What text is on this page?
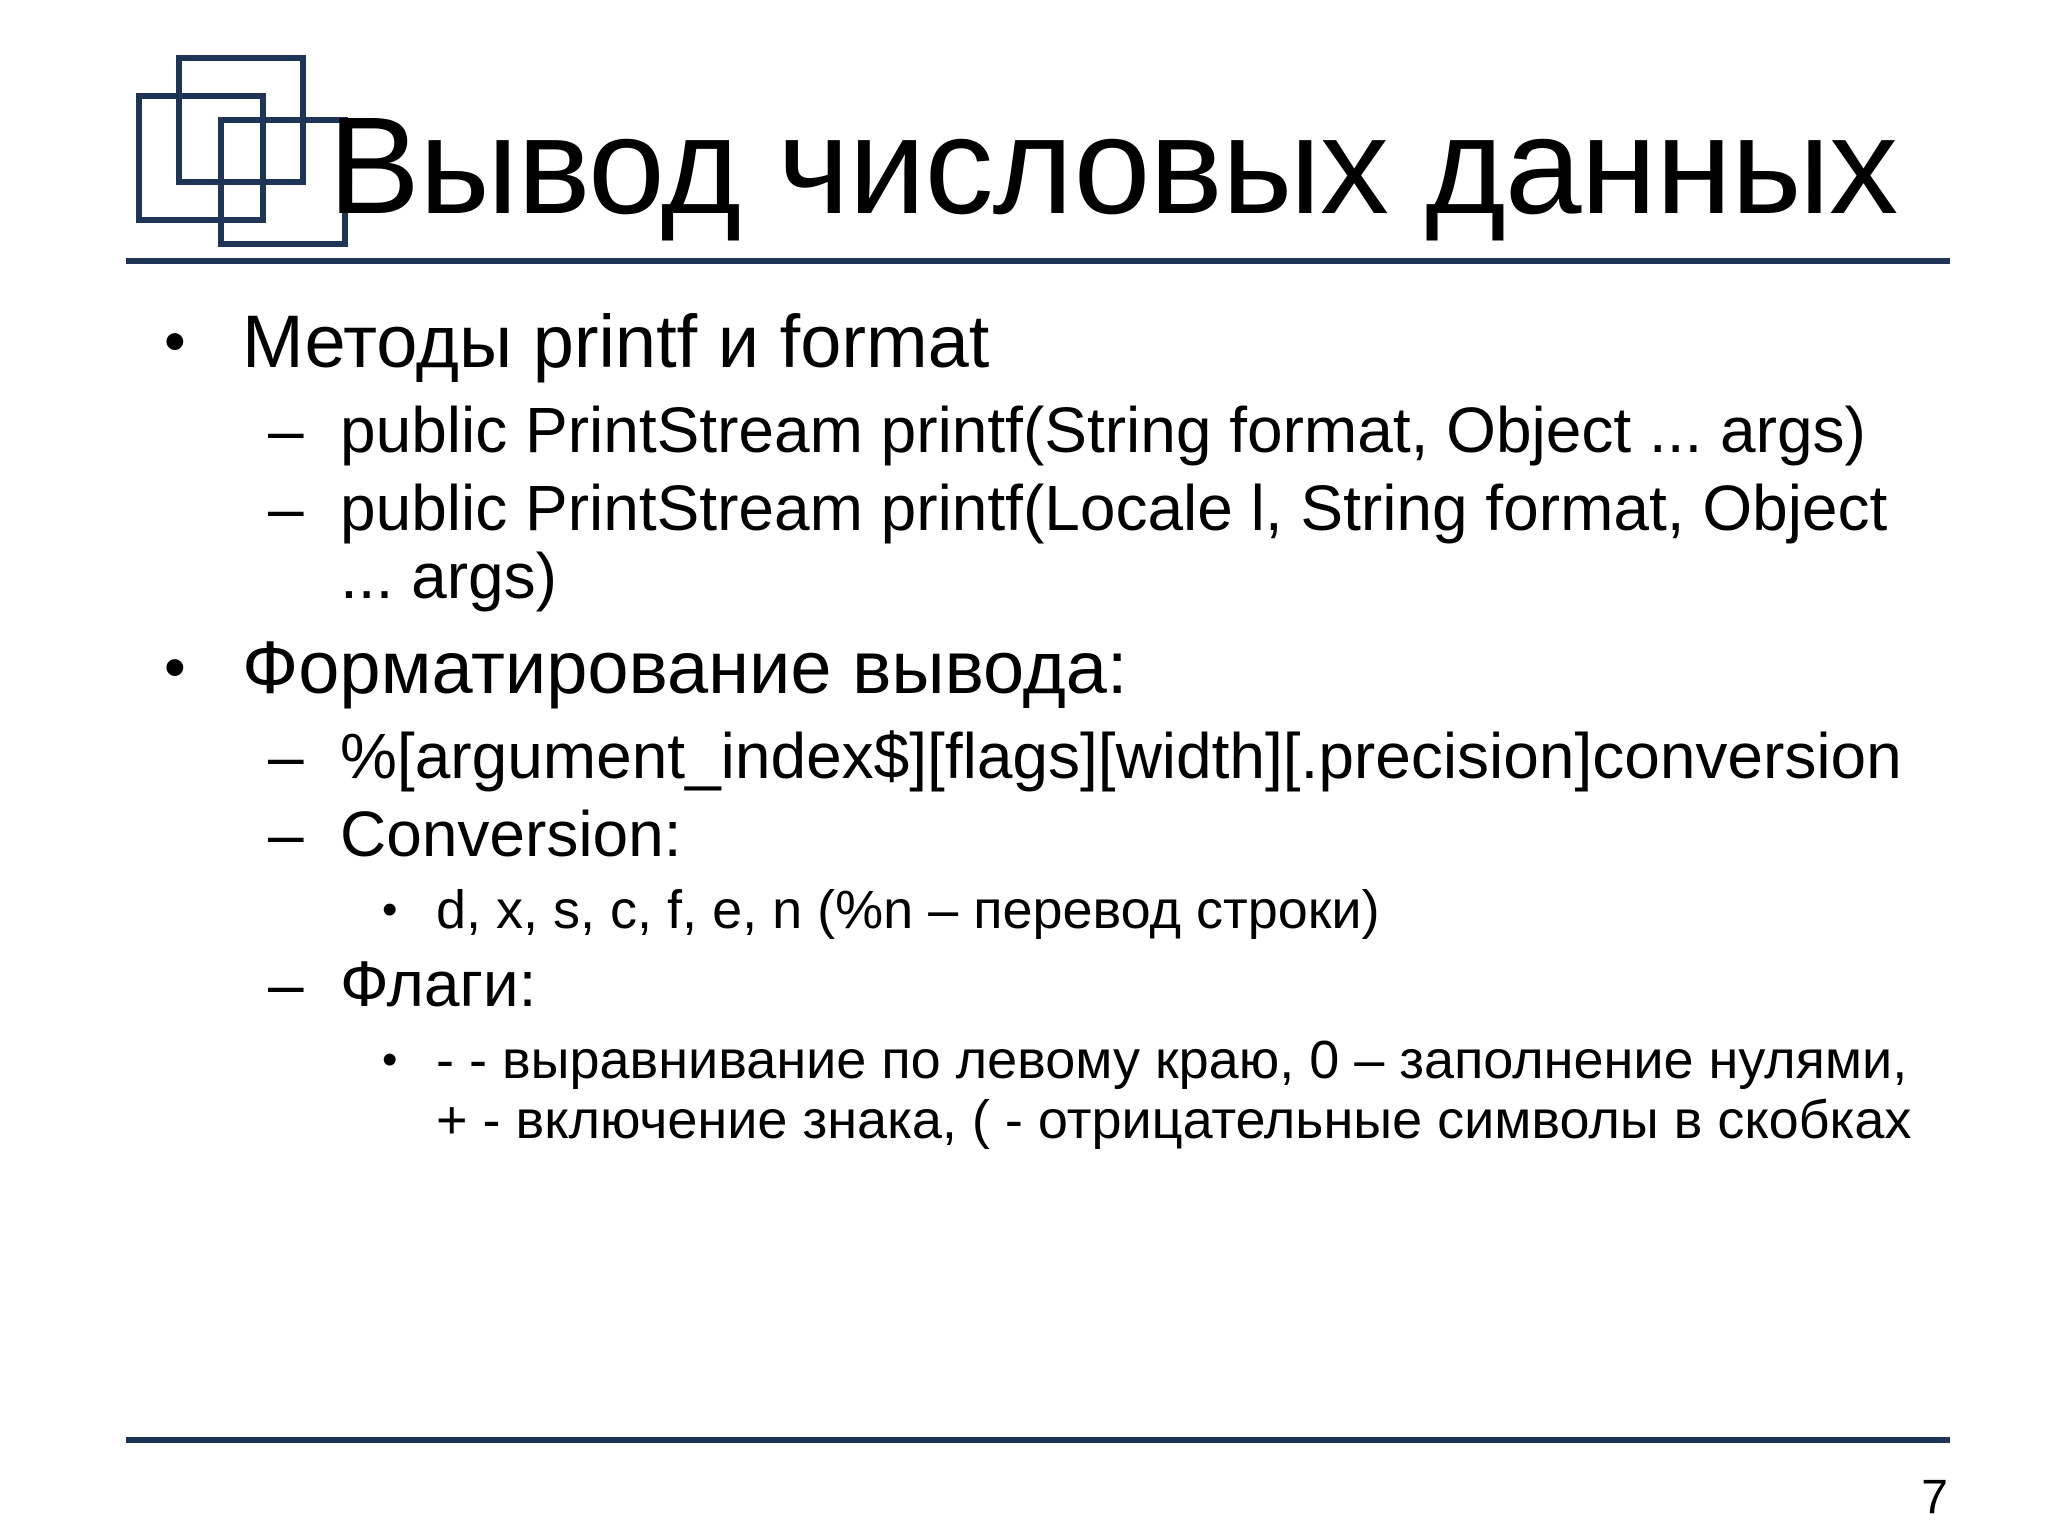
Вывод числовых данных
• Методы printf и format
– public PrintStream printf(String format, Object ... args)
– public PrintStream printf(Locale l, String format, Object ... args)
• Форматирование вывода:
– %[argument_index$][flags][width][.precision]conversion
– Conversion:
• d, x, s, c, f, e, n (%n – перевод строки)
– Флаги:
• - - выравнивание по левому краю, 0 – заполнение нулями, + - включение знака, ( - отрицательные символы в скобках
7
